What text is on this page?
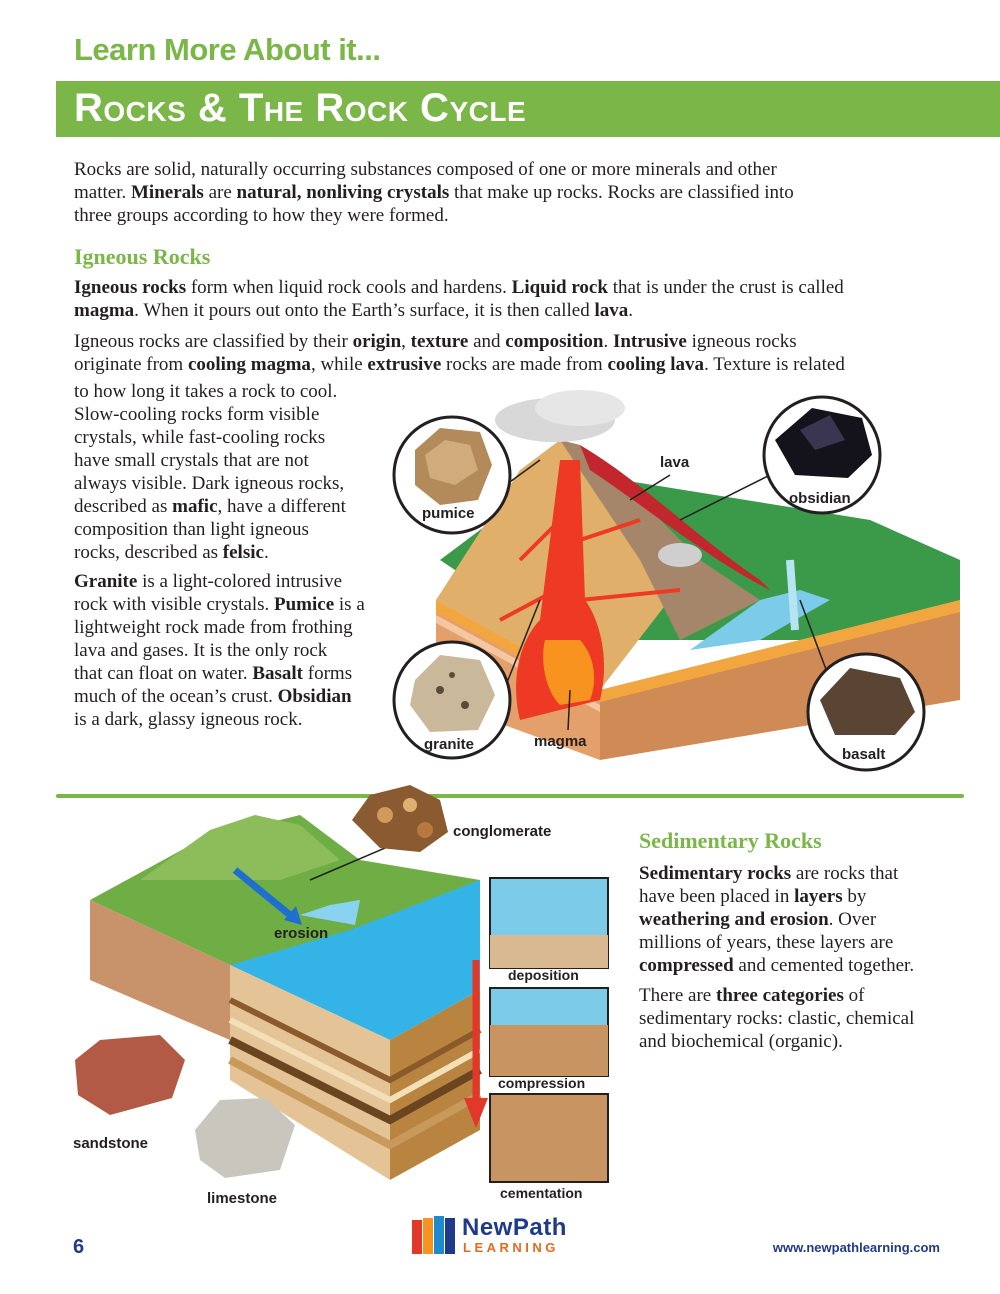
Learn More About it...
Rocks & The Rock Cycle
Rocks are solid, naturally occurring substances composed of one or more minerals and other
matter. Minerals are natural, nonliving crystals that make up rocks. Rocks are classified into
three groups according to how they were formed.
Igneous Rocks
Igneous rocks form when liquid rock cools and hardens. Liquid rock that is under the crust is called
magma. When it pours out onto the Earth’s surface, it is then called lava.
Igneous rocks are classified by their origin, texture and composition. Intrusive igneous rocks
originate from cooling magma, while extrusive rocks are made from cooling lava. Texture is related
to how long it takes a rock to cool.
Slow-cooling rocks form visible
crystals, while fast-cooling rocks
have small crystals that are not
always visible. Dark igneous rocks,
described as mafic, have a different
composition than light igneous
rocks, described as felsic.
Granite is a light-colored intrusive
rock with visible crystals. Pumice is a
lightweight rock made from frothing
lava and gases. It is the only rock
that can float on water. Basalt forms
much of the ocean’s crust. Obsidian
is a dark, glassy igneous rock.
pumice
lava
obsidian
granite	magma
basalt
conglomerate
erosion
deposition
compression
cementation
sandstone
limestone
Sedimentary Rocks
Sedimentary rocks are rocks that
have been placed in layers by
weathering and erosion. Over
millions of years, these layers are
compressed and cemented together.
There are three categories of
sedimentary rocks: clastic, chemical
and biochemical (organic).
6
NewPath
LEARNING	www.newpathlearning.com
